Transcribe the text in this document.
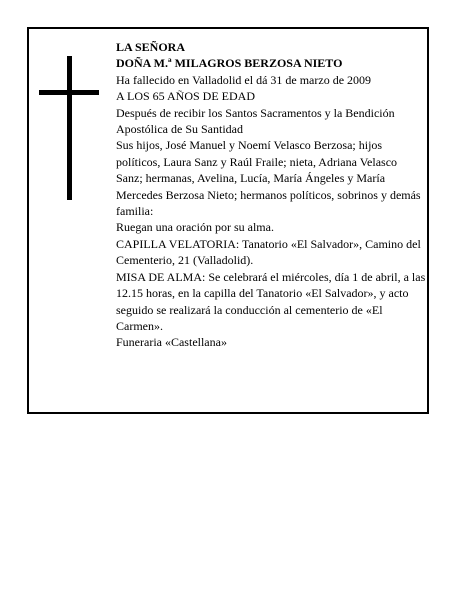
LA SEÑORA

DOÑA M.ª MILAGROS BERZOSA NIETO

Ha fallecido en Valladolid el dá 31 de marzo de 2009

A LOS 65 AÑOS DE EDAD

Después de recibir los Santos Sacramentos y la Bendición Apostólica de Su Santidad

Sus hijos, José Manuel y Noemí Velasco Berzosa; hijos políticos, Laura Sanz y Raúl Fraile; nieta, Adriana Velasco Sanz; hermanas, Avelina, Lucía, María Ángeles y María Mercedes Berzosa Nieto; hermanos políticos, sobrinos y demás familia:

Ruegan una oración por su alma.

CAPILLA VELATORIA: Tanatorio «El Salvador», Camino del Cementerio, 21 (Valladolid).

MISA DE ALMA: Se celebrará el miércoles, día 1 de abril, a las 12.15 horas, en la capilla del Tanatorio «El Salvador», y acto seguido se realizará la conducción al cementerio de «El Carmen».

Funeraria «Castellana»
